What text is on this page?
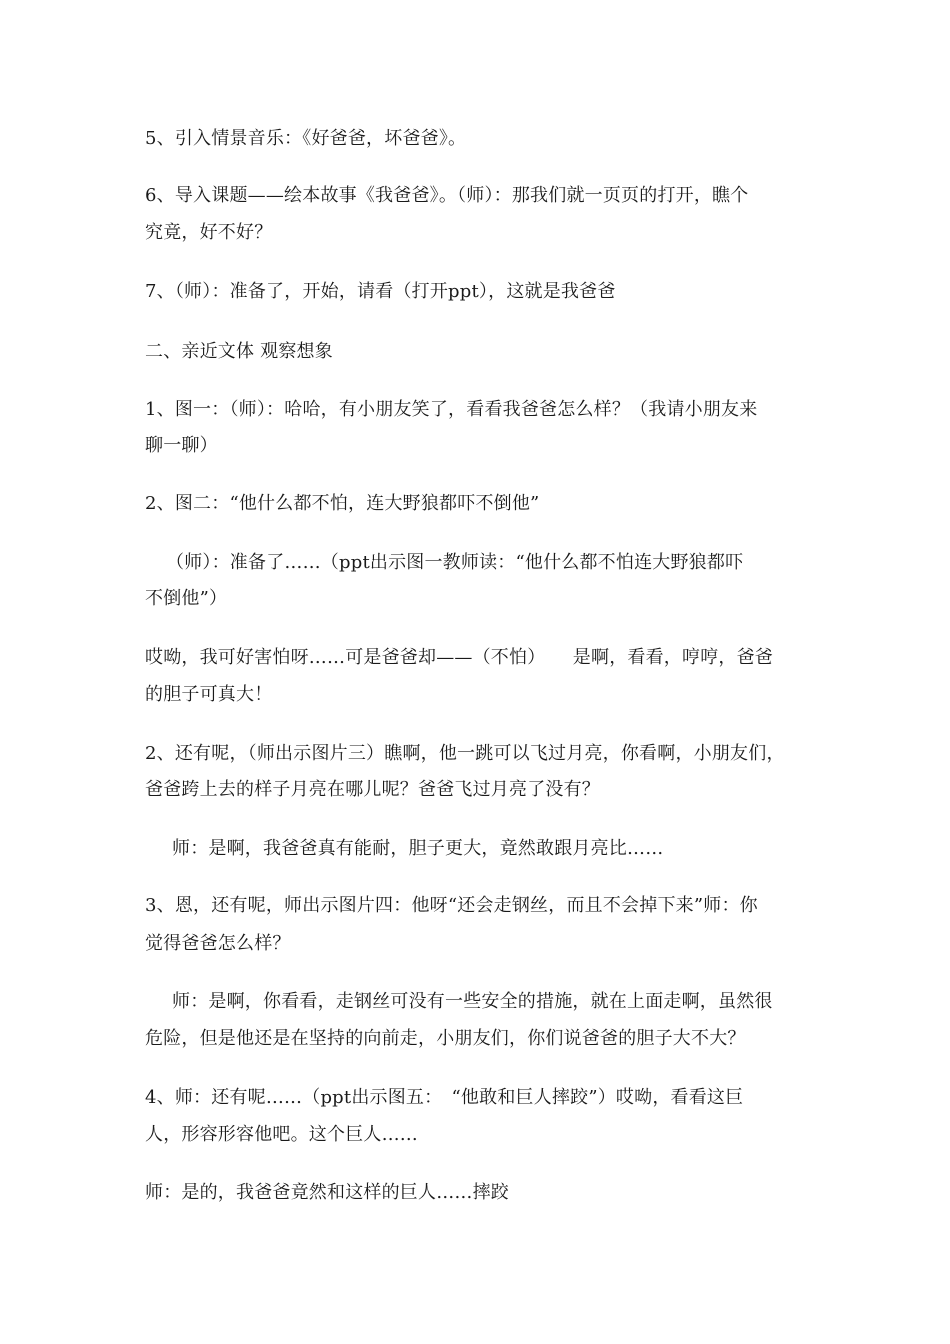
5、引入情景音乐：《好爸爸，坏爸爸》。
6、导入课题——绘本故事《我爸爸》。（师）：那我们就一页页的打开，瞧个
究竟，好不好？
7、（师）：准备了，开始，请看（打开ppt），这就是我爸爸
二、亲近文体 观察想象
1、图一：（师）：哈哈，有小朋友笑了，看看我爸爸怎么样？（我请小朋友来
聊一聊）
2、图二：“他什么都不怕，连大野狼都吓不倒他”
（师）：准备了……（ppt出示图一教师读：“他什么都不怕连大野狼都吓
不倒他”）
哎呦，我可好害怕呀……可是爸爸却——（不怕）　　是啊，看看，哼哼，爸爸
的胆子可真大！
2、还有呢，（师出示图片三）瞧啊，他一跳可以飞过月亮，你看啊，小朋友们，
爸爸跨上去的样子月亮在哪儿呢？爸爸飞过月亮了没有？
师：是啊，我爸爸真有能耐，胆子更大，竟然敢跟月亮比……
3、恩，还有呢，师出示图片四：他呀“还会走钢丝，而且不会掉下来”师：你
觉得爸爸怎么样？
师：是啊，你看看，走钢丝可没有一些安全的措施，就在上面走啊，虽然很
危险，但是他还是在坚持的向前走，小朋友们，你们说爸爸的胆子大不大？
4、师：还有呢……（ppt出示图五：　“他敢和巨人摔跤”）哎呦，看看这巨
人，形容形容他吧。这个巨人……
师：是的，我爸爸竟然和这样的巨人……摔跤
